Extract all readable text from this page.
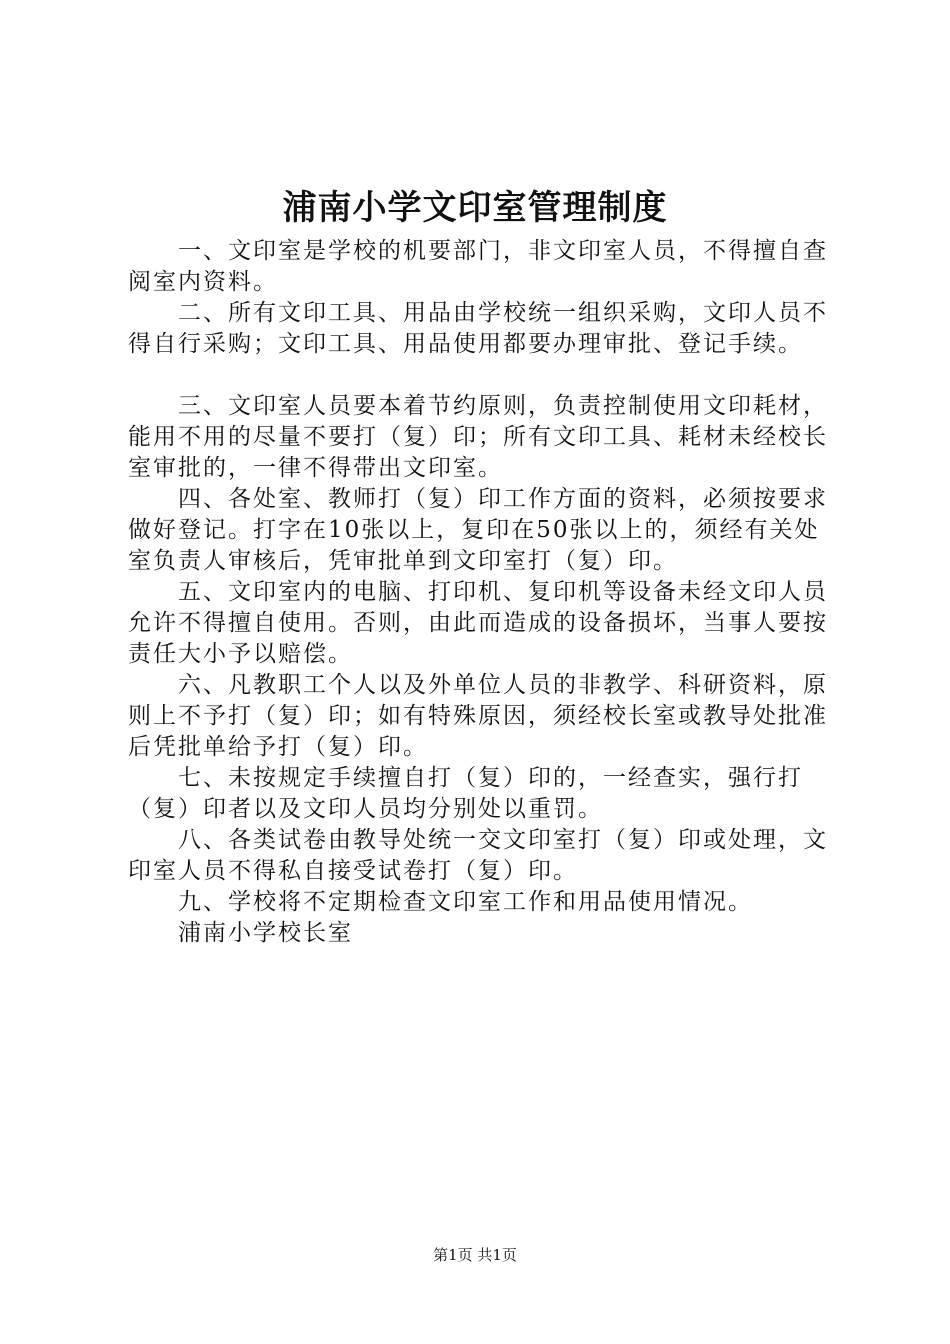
浦南小学文印室管理制度

一、文印室是学校的机要部门，非文印室人员，不得擅自查阅室内资料。

二、所有文印工具、用品由学校统一组织采购，文印人员不得自行采购；文印工具、用品使用都要办理审批、登记手续。

三、文印室人员要本着节约原则，负责控制使用文印耗材，能用不用的尽量不要打（复）印；所有文印工具、耗材未经校长室审批的，一律不得带出文印室。

四、各处室、教师打（复）印工作方面的资料，必须按要求做好登记。打字在10张以上，复印在50张以上的，须经有关处室负责人审核后，凭审批单到文印室打（复）印。

五、文印室内的电脑、打印机、复印机等设备未经文印人员允许不得擅自使用。否则，由此而造成的设备损坏，当事人要按责任大小予以赔偿。

六、凡教职工个人以及外单位人员的非教学、科研资料，原则上不予打（复）印；如有特殊原因，须经校长室或教导处批准后凭批单给予打（复）印。

七、未按规定手续擅自打（复）印的，一经查实，强行打（复）印者以及文印人员均分别处以重罚。

八、各类试卷由教导处统一交文印室打（复）印或处理，文印室人员不得私自接受试卷打（复）印。

九、学校将不定期检查文印室工作和用品使用情况。

浦南小学校长室

第1页 共1页
